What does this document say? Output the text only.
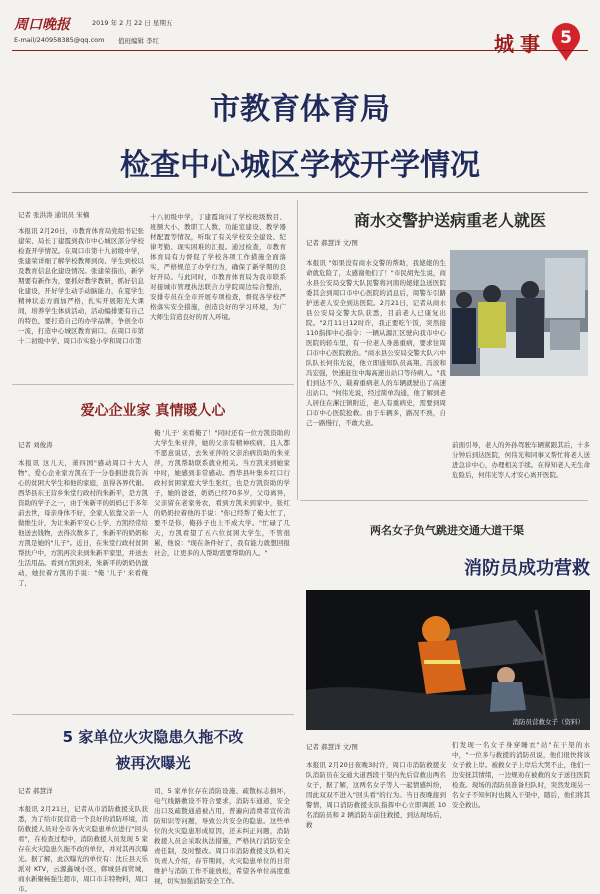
周口晚报	2019 年 2 月 22 日 星期五
E-mail/240958385@qq.com 值班编辑 李红	城事 5
市教育体育局
检查中心城区学校开学情况
记者 张洪涛 通讯员 宋楠
本报讯 2月20日，市教育体育局党组书记张建荣、局长丁建霞到我市中心城区部分学校检查开学情况。在周口市第十九初级中学，张建荣详细了解学校教师到岗、学生到校以及教育信息化建设情况。张建荣指出，新学期要有新作为，要抓好教学教研，抓好信息化建设，开好学生动手动脑能力，在夏学生精神状态方面加严格，扎实开展阳光大课间，培养学生体质活动，活动编排要有自己的特色，要打造自己的办学品牌，争创全市一流，打造中心城区教育窗口。在周口市第十二初级中学、周口市实验小学和周口市第
十八初级中学，丁建霞询问了学校班级数目、班额大小、教职工人数、功能室建设、教学器材配置等情况，听取了有关学校安全建设、纪律考勤、现实困难的汇报。通过检查，市教育体育局有力督促了学校各项工作措施全面落实，严格规范了办学行为，确保了新学期的良好开局。与此同时，市教育体育局为我市联系对接城市管理执法联合力学院周边综合整治，安排专员在全市开展专项检查，督促各学校严格落实安全措施，创造良好的学习环境，为广大师生营造良好的育人环境。
商水交警护送病重老人就医
记者 郝慧洋 文/图
本报讯 "如果没有商水交警的帮助，我姥姥的生命就危险了，太感谢他们了！"市民胡先生说，商水县公安局交警大队民警将河南的姥姥急送医院委其会到周口市中心医院的消息后，周警车引路护送老人安全到达医院。2月21日，记者从商水县公安局交警大队获悉，目前老人已康复出院。"2月11日12时许，我正要吃午饭，突然接110指挥中心指令：一辆从源汇区驶向我市中心医院的轿车里，有一位老人身患重病，要求往周口市中心医院救治。"商水县公安局交警大队六中队队长何伟光说，他立即通知队员高翔、冯波和冯宏强，快速赶往中海高速出站口等待病人。"我们到达不久，载着重病老人的车辆就驶出了高速出站口。"何伟光说，经过简单沟通，他了解到老人居住在漯汪镇附近，老人有重病史，需要到周口市中心医院抢救。由于车辆多，路况不熟，自己一路慢行，不敢大意。
前面引导，老人的外孙驾驶车辆紧跟其后，十多分钟后到达医院，何伟光和同事又帮忙将老人送进急诊中心，办理相关手续。在得知老人无生命危险后，何伟光等人才安心离开医院。
爱心企业家 真情暖人心
记者 刘俊涛
本报讯 这儿天，萧四国"感动周口十大人物"、爱心企业家方凯在于一分卷捐进我告诉心的贫困大学生和他的家庭，虽得各界代谢。西华县东王营乡朱堂行政村的朱新平，是方凯资助的学子之一，由于朱新平的妈妈已于多年前去世，母亲身体不好，全家人依靠父亲一人做维生计，为让朱新平安心上学，方凯经常给他送去钱物，去得次数多了，朱新平的奶奶称方凯是她的"儿子"。近日，在朱堂行政村贫困帮扶户中，方凯再次来到朱新平家里，并送去生活用品。看到方凯到来，朱新平的奶奶仍激动，她拉着方凯的手说："俺 '儿子' 来看俺了，
俺 '儿子' 来看俺了！"同时还有一位方凯资助的大学生朱亚萍，她的父亲有精神疾病，且人都不愿意说话，去朱亚萍的父亲治病资助的朱亚萍，方凯帮助联系就业相关。当方凯来到她家中时，她感到非常感动。西华县叶集乡红口行政村贫困家庭大学生张红，也是方凯资助的学子，她的爸爸，奶奶已经70多岁，父母离异，父亲留在老家务农，看到方凯来到家中，张红的奶奶拉着他的手说："你已经帮了俺太忙了，要不是你，俺孙子也上不成大学。"忙碌了几天，方凯看望了五六位贫困大学生，不管很累，他说："现在条件好了，我有能力就想回报社会，让更多的人帮助需要帮助的人。"
两名女子负气跳进交通大道干渠
消防员成功营救
消防员营救女子（资料）
记者 郝慧洋 文/图
本报讯 2月20日夜晚3时许，周口市消防救援支队消防员在交通大道西段干渠内先后营救出两名女子，据了解，这两名女子等人一起情感纠纷，因此双双不进入"回头看"的行为。当日夜晚接到警情，周口消防救援支队指挥中心立即调派 10 名消防员和 2 辆消防车前往救援，到达现场后，救
们发现一名女子身穿睡衣"站"在干渠的水中，"一位多与救援的消防员说，他们很快将该女子救上岸。被救女子上岸后大哭不止，他们一边安抚其情绪，一边规劝在被救的女子送往医院检查。现场的消防员准备归队时，突然发现另一名女子不知何时也跳入干渠中，随后，他们将其安全救出。
5 家单位火灾隐患久拖不改
被再次曝光
记者 郝慧洋
本报讯 2月21日，记者从市消防救援支队获悉，为了给市民营造一个良好的消防环境，消防救援人员对全市各火灾隐患单位进行"回头看"，在检查过程中，消防救援人员发现 5 家存在火灾隐患久拖不改的单位，并对其再次曝光。据了解，此次曝光的单位有：沈丘县天乐派对 KTV，云源鑫城小区，郸城县商贸城，商水新聚畅强生超市，周口市丰特物料，周口市。
司，5 家单位存在消防设施、疏散标志损坏，电气线路敷设不符合要求，消防车通道，安全出口及疏散通道被占用，普遍向消费者宣传消防知识等问题，导致公共安全的隐患。这些单位的火灾隐患形成原因，还未纠正问题，消防救援人员会采取执法措施，严格执行消防安全责任制，及时整改。周口市消防救援支队相关负责人介绍，春节期间，火灾隐患单位的日常维护与消防工作不能放松，希望各单位高度重视，切实加强消防安全工作。
